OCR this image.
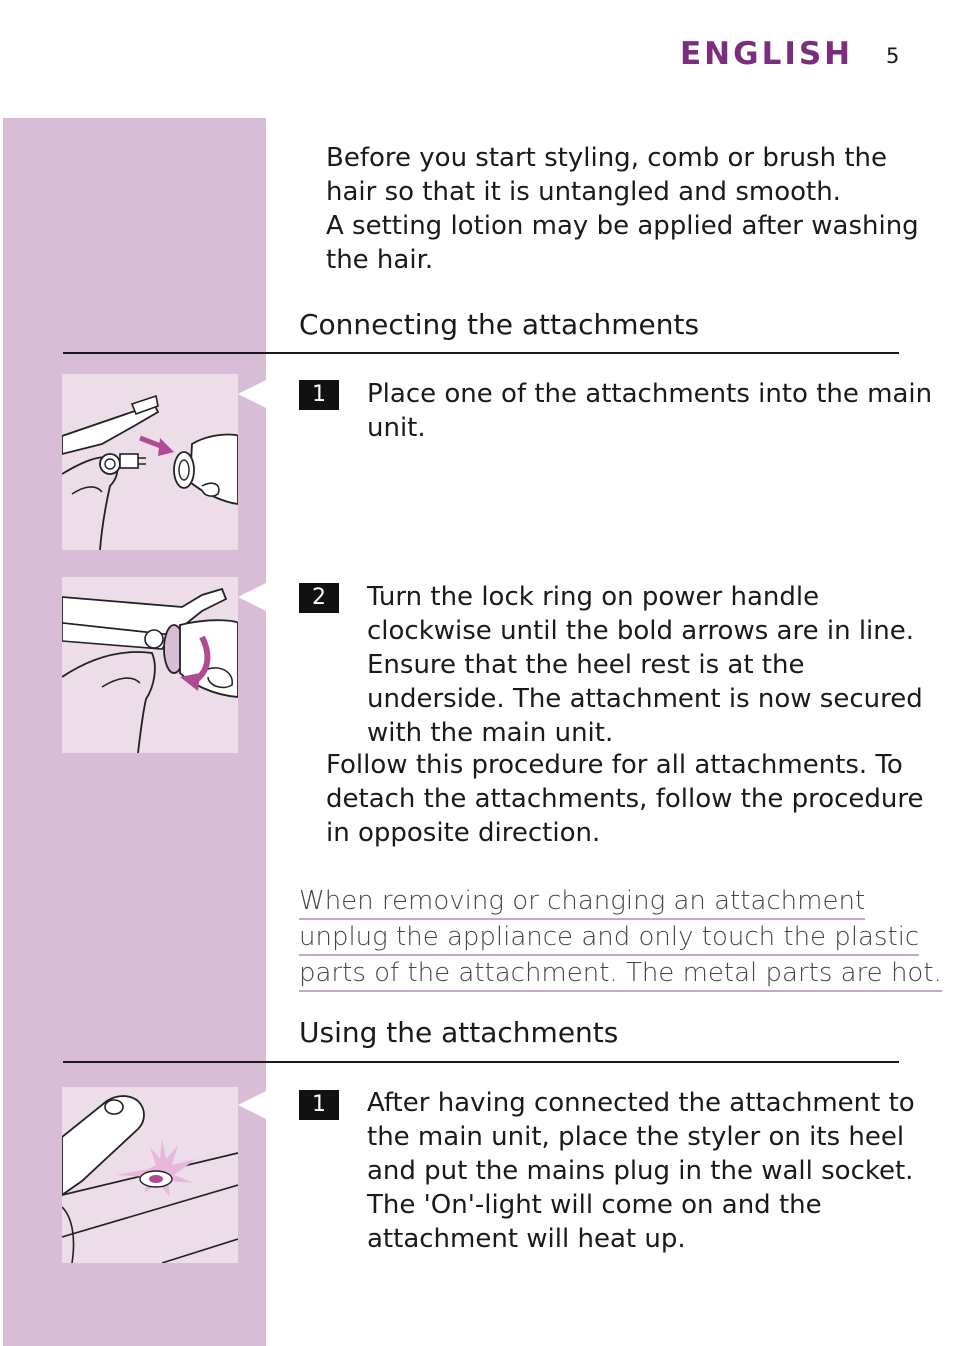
ENGLISH 5

Before you start styling, comb or brush the
hair so that it is untangled and smooth.
A setting lotion may be applied after washing
the hair.

Connecting the attachments
1	Place one of the attachments into the main
unit.

2	Turn the lock ring on power handle
clockwise until the bold arrows are in line.
Ensure that the heel rest is at the
underside. The attachment is now secured
with the main unit.

Follow this procedure for all attachments. To
detach the attachments, follow the procedure
in opposite direction.

When removing or changing an attachment
unplug the appliance and only touch the plastic
parts of the attachment. The metal parts are hot.
Using the attachments
1	After having connected the attachment to
the main unit, place the styler on its heel
and put the mains plug in the wall socket.
The 'On'-light will come on and the
attachment will heat up.
